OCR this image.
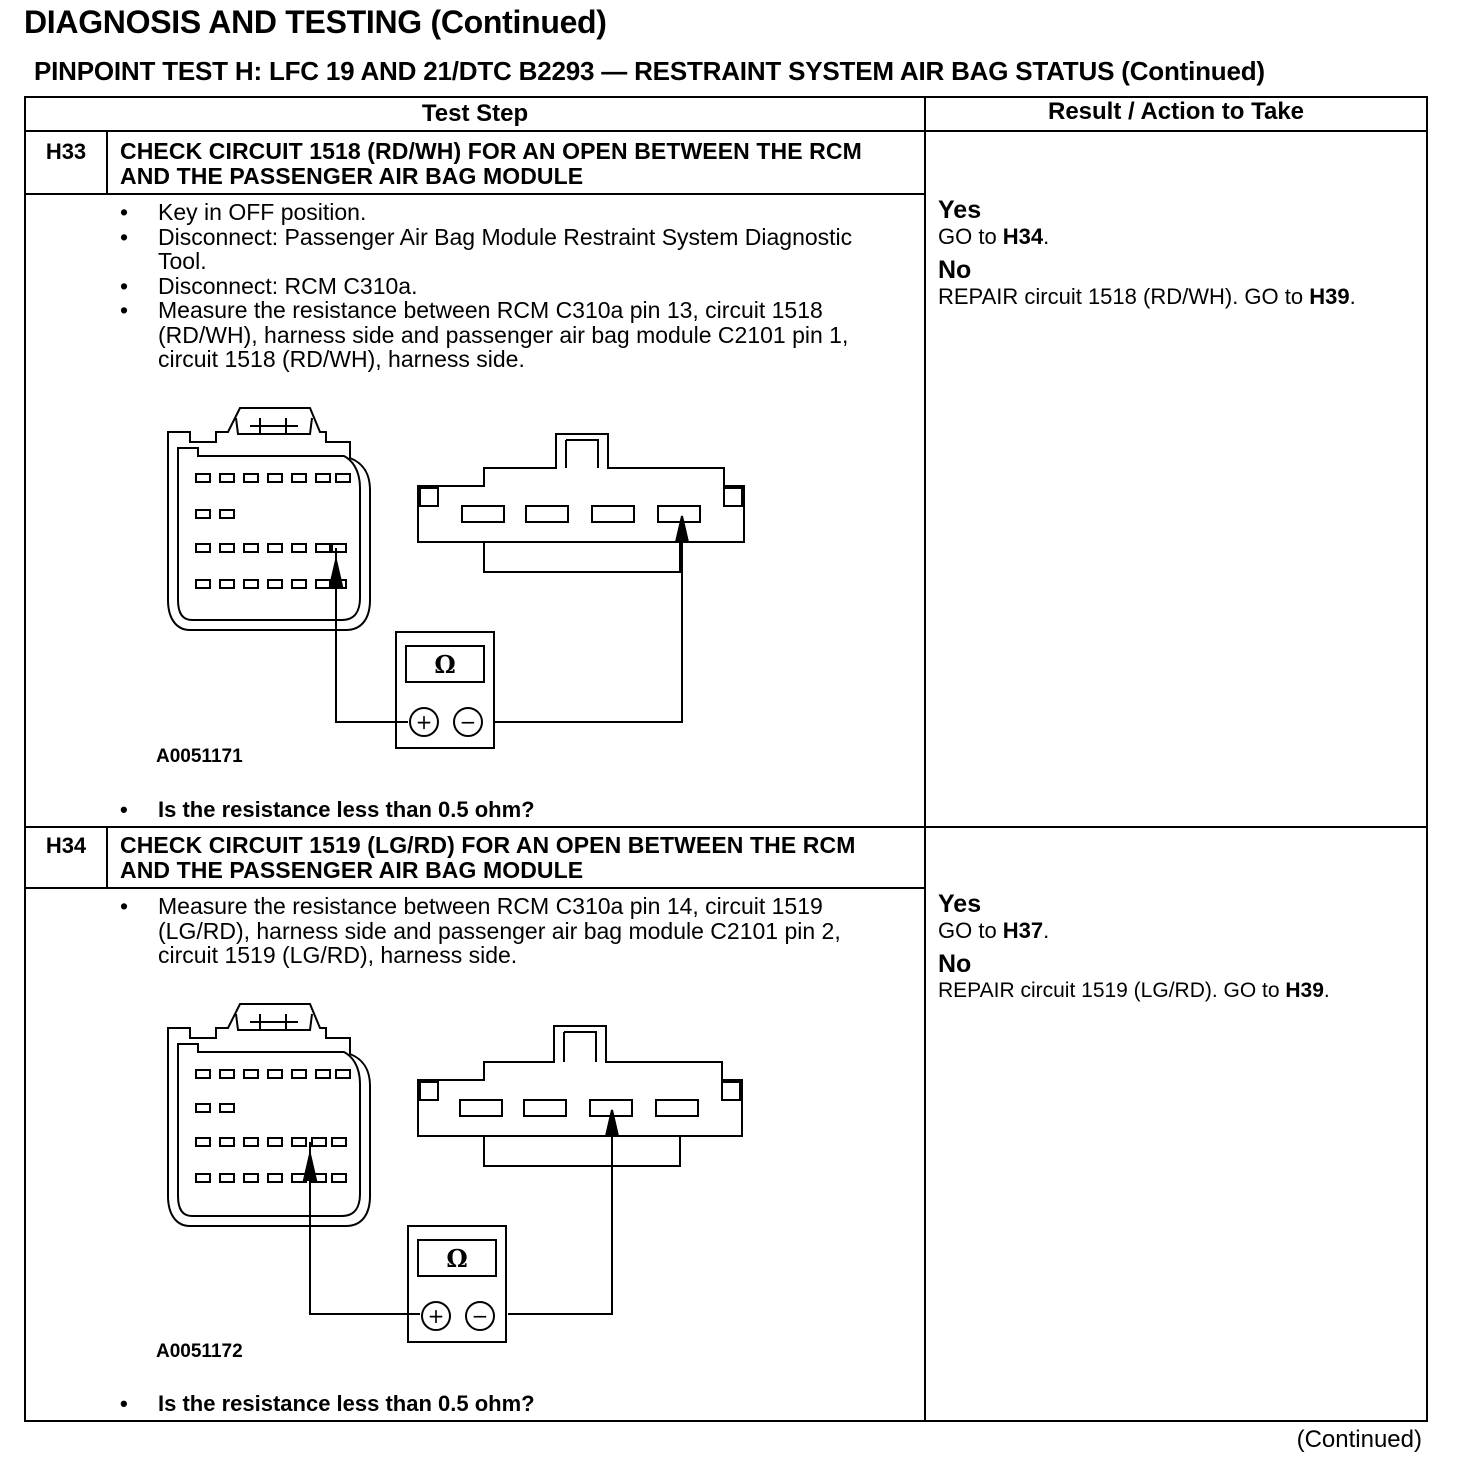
DIAGNOSIS AND TESTING (Continued)
PINPOINT TEST H: LFC 19 AND 21/DTC B2293 — RESTRAINT SYSTEM AIR BAG STATUS (Continued)
Test Step	Result / Action to Take
H33	CHECK CIRCUIT 1518 (RD/WH) FOR AN OPEN BETWEEN THE RCM AND THE PASSENGER AIR BAG MODULE
• Key in OFF position.
• Disconnect: Passenger Air Bag Module Restraint System Diagnostic Tool.
• Disconnect: RCM C310a.
• Measure the resistance between RCM C310a pin 13, circuit 1518 (RD/WH), harness side and passenger air bag module C2101 pin 1, circuit 1518 (RD/WH), harness side.
Ω
+ −
A0051171
• Is the resistance less than 0.5 ohm?
Yes
GO to H34.
No
REPAIR circuit 1518 (RD/WH). GO to H39.
H34	CHECK CIRCUIT 1519 (LG/RD) FOR AN OPEN BETWEEN THE RCM AND THE PASSENGER AIR BAG MODULE
• Measure the resistance between RCM C310a pin 14, circuit 1519 (LG/RD), harness side and passenger air bag module C2101 pin 2, circuit 1519 (LG/RD), harness side.
Ω
+ −
A0051172
• Is the resistance less than 0.5 ohm?
Yes
GO to H37.
No
REPAIR circuit 1519 (LG/RD). GO to H39.
(Continued)
